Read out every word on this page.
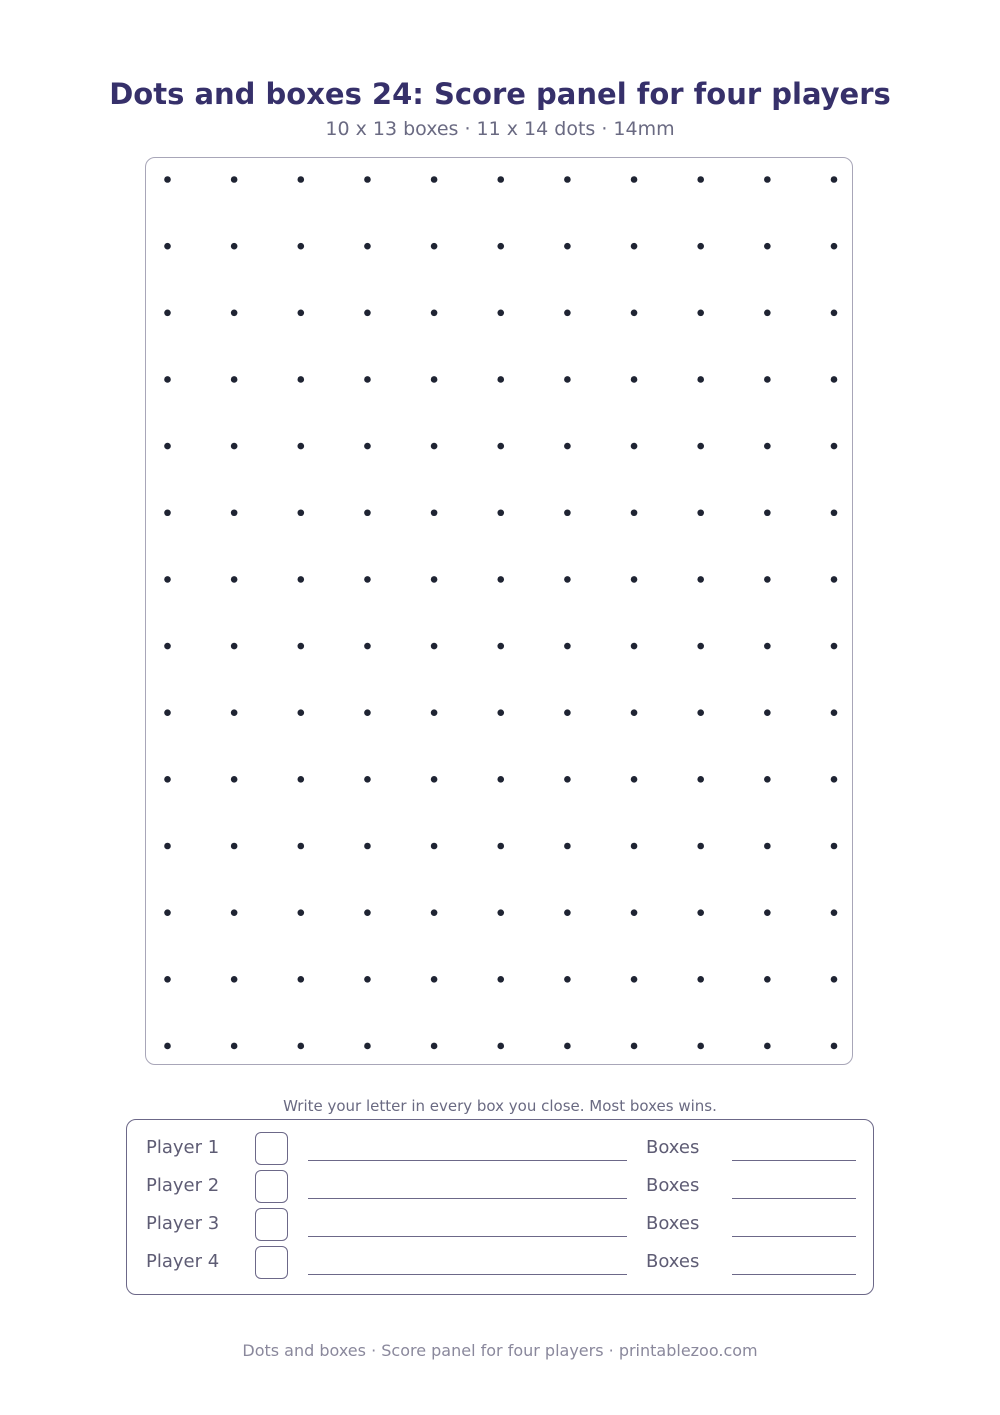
Dots and boxes 24: Score panel for four players
10 x 13 boxes · 11 x 14 dots · 14mm
Write your letter in every box you close. Most boxes wins.
Player 1	Boxes
Player 2	Boxes
Player 3	Boxes
Player 4	Boxes
Dots and boxes · Score panel for four players · printablezoo.com
